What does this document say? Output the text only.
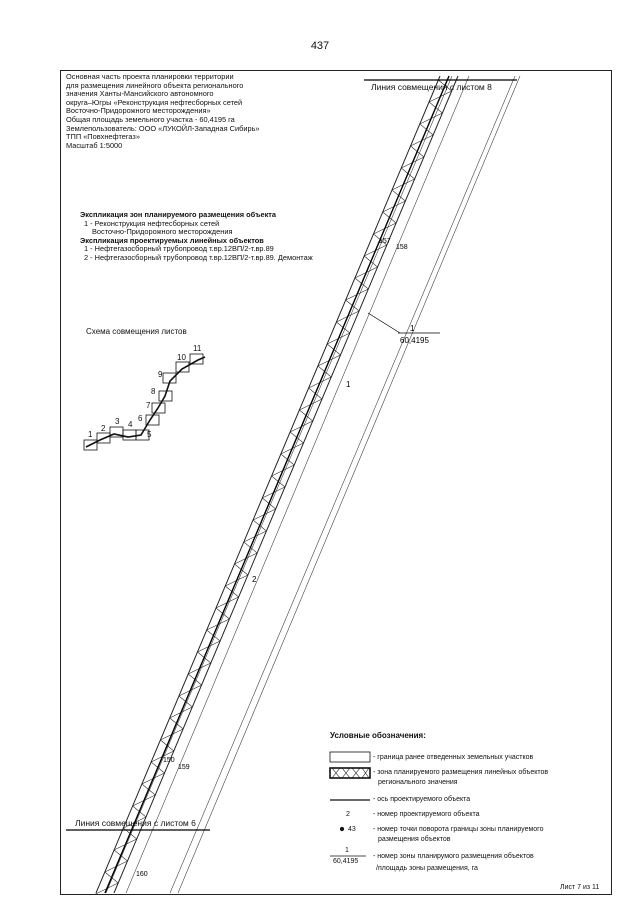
437
1
60,4195
1
2
157
158
150
159
160
1
2
3 4
5
6
7
8
9
10
11
Основная часть проекта планировки территории
для размещения линейного объекта регионального
значения Ханты-Мансийского автономного
округа–Югры «Реконструкция нефтесборных сетей
Восточно-Придорожного месторождения»
Общая площадь земельного участка - 60,4195 га
Землепользователь: ООО «ЛУКОЙЛ-Западная Сибирь»
ТПП «Повхнефтегаз»
Масштаб 1:5000
Экспликация зон планируемого размещения объекта
1 - Реконструкция нефтесборных сетей
Восточно-Придорожного месторождения
Экспликация проектируемых линейных объектов
1 - Нефтегазосборный трубопровод т.вр.12ВП/2-т.вр.89
2 - Нефтегазосборный трубопровод т.вр.12ВП/2-т.вр.89. Демонтаж
Схема совмещения листов
Линия совмещения с листом 8
Линия совмещения с листом 6
Условные обозначения:
- граница ранее отведенных земельных участков
- зона планируемого размещения линейных объектов
регионального значения
- ось проектируемого объекта
2	- номер проектируемого объекта
43 - номер точки поворота границы зоны планируемого
размещения объектов
1
60,4195
- номер зоны планирумого размещения объектов
/площадь зоны размещения, га
Лист 7 из 11
